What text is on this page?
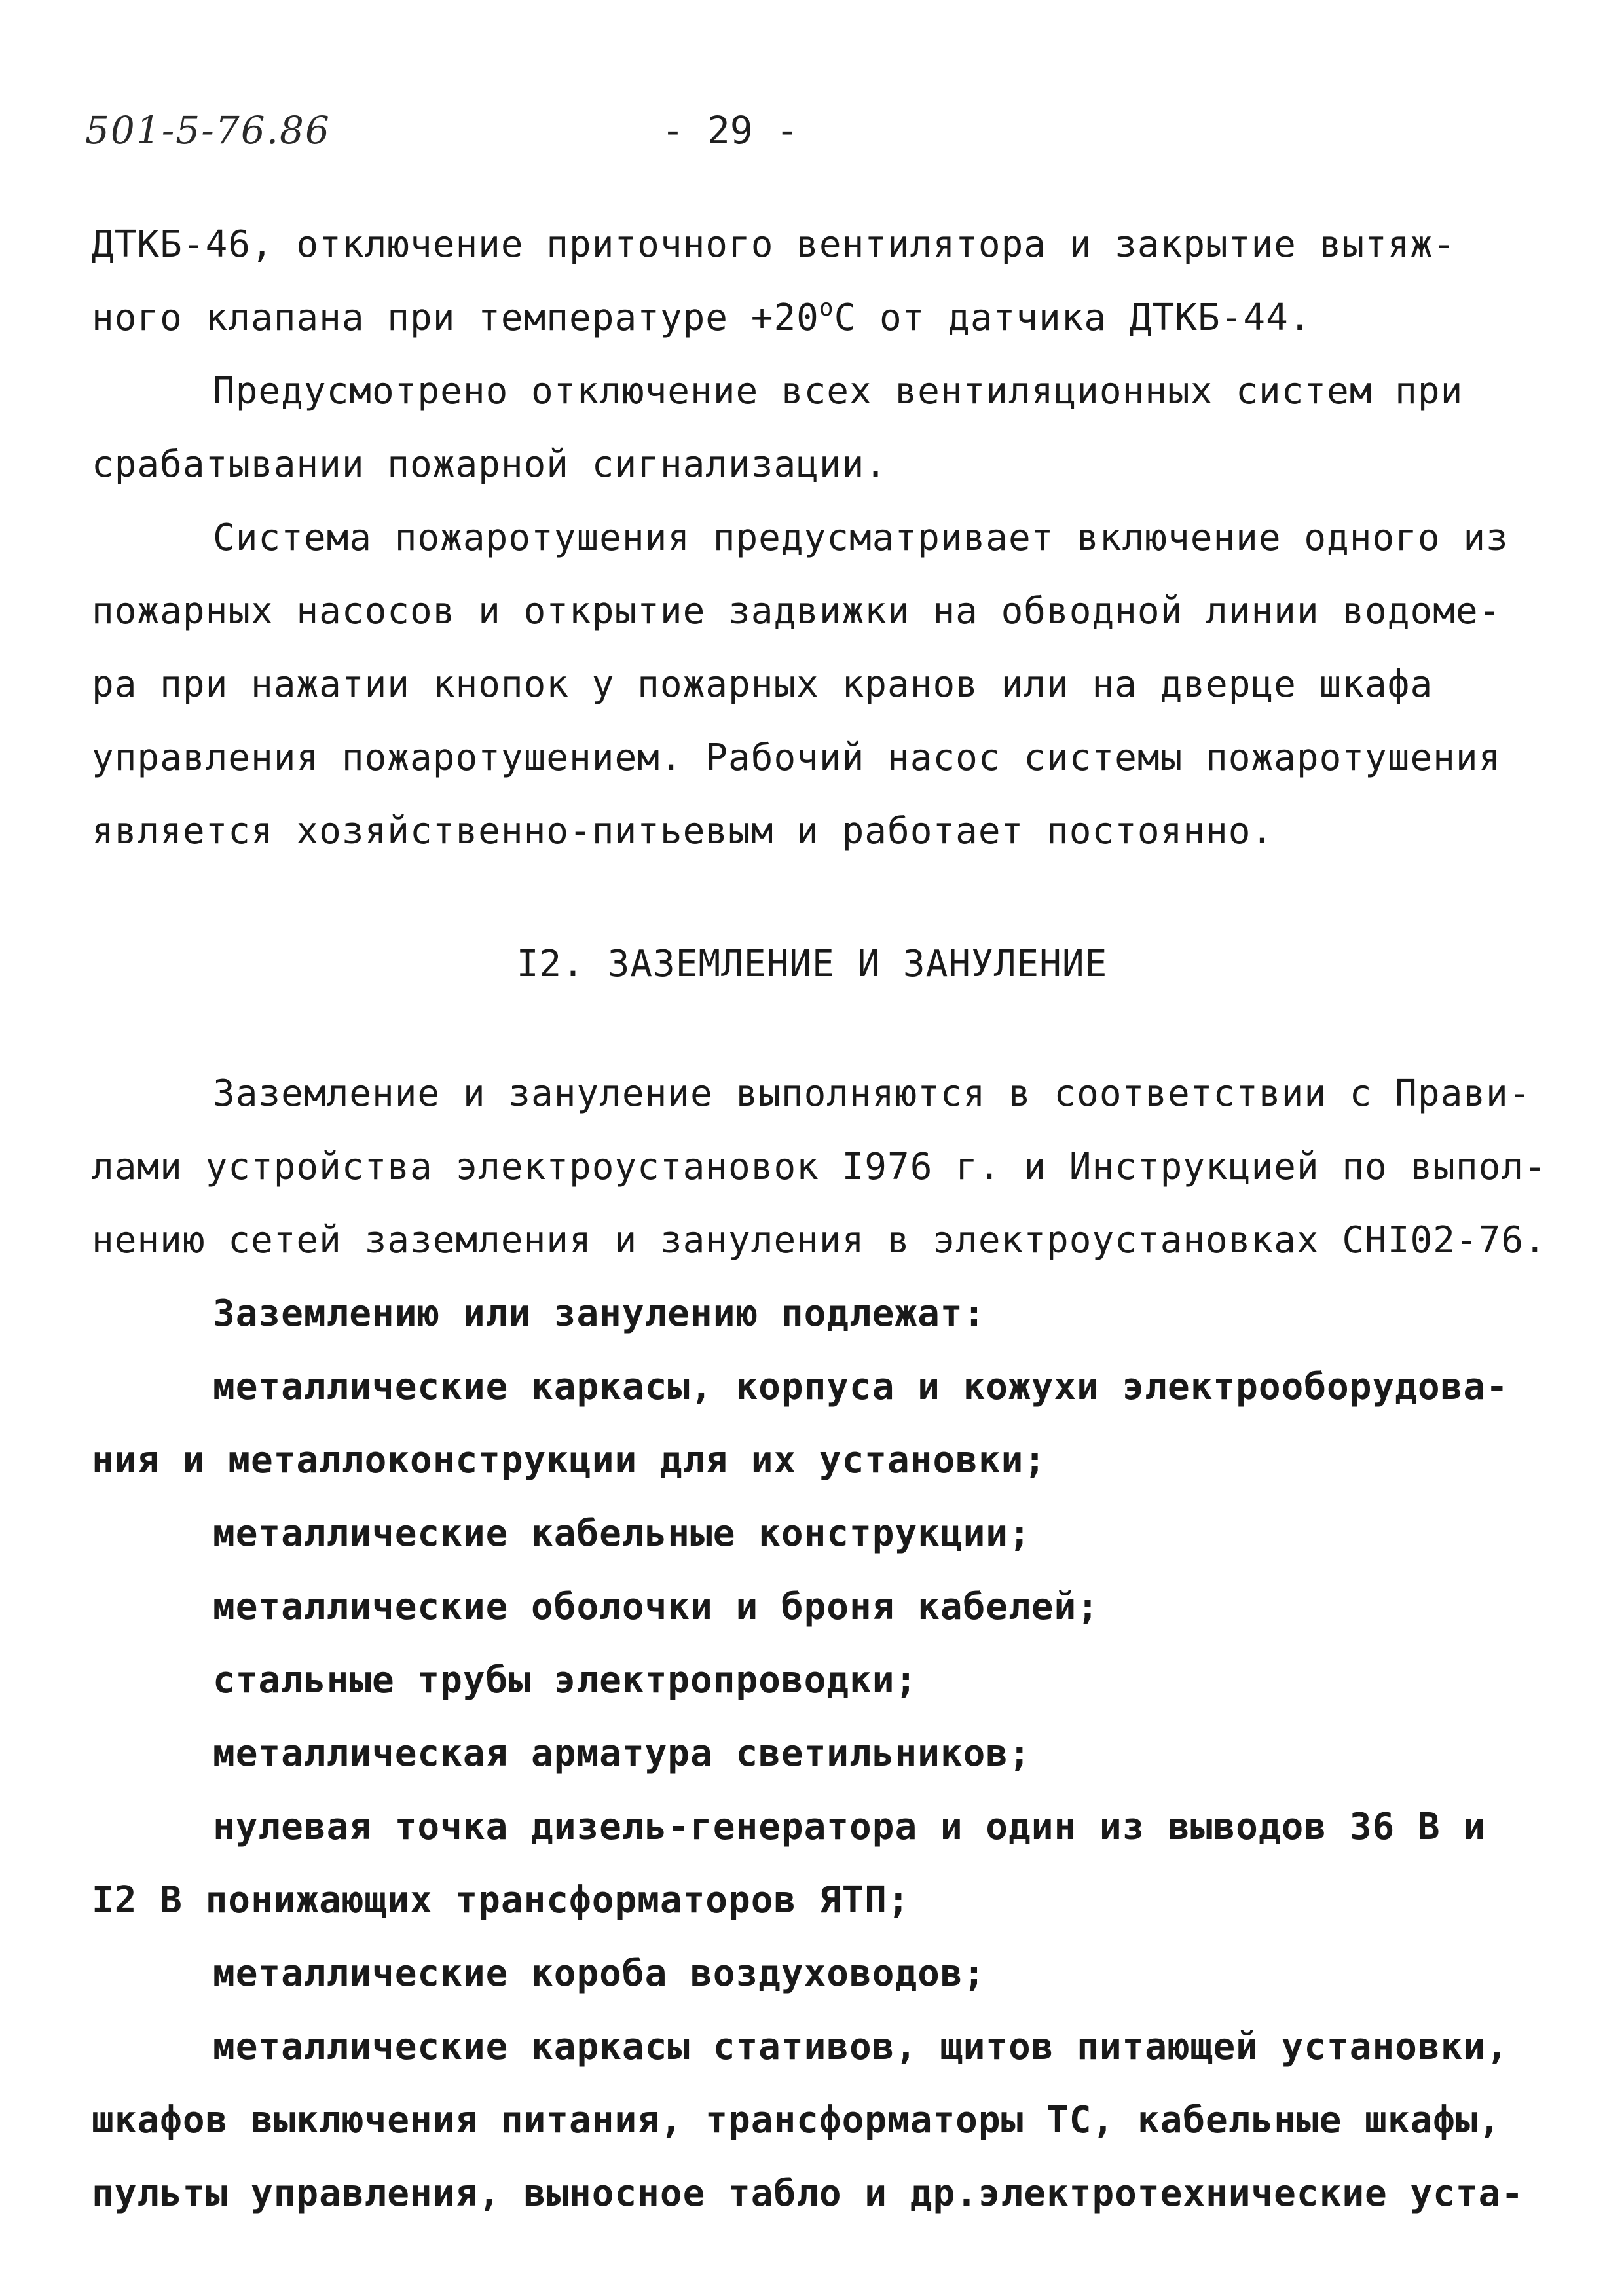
501-5-76.86	- 29 -
ДТКБ-46, отключение приточного вентилятора и закрытие вытяж-
ного клапана при температуре $+20^оС$ от датчика ДТКБ-44.
Предусмотрено отключение всех вентиляционных систем при
срабатывании пожарной сигнализации.
Система пожаротушения предусматривает включение одного из
пожарных насосов и открытие задвижки на обводной линии водоме-
ра при нажатии кнопок у пожарных кранов или на дверце шкафа
управления пожаротушением. Рабочий насос системы пожаротушения
является хозяйственно-питьевым и работает постоянно.
I2. ЗАЗЕМЛЕНИЕ И ЗАНУЛЕНИЕ
Заземление и зануление выполняются в соответствии с Прави-
лами устройства электроустановок I976 г. и Инструкцией по выпол-
нению сетей заземления и зануления в электроустановках СНI02-76.
Заземлению или занулению подлежат:
металлические каркасы, корпуса и кожухи электрооборудова-
ния и металлоконструкции для их установки;
металлические кабельные конструкции;
металлические оболочки и броня кабелей;
стальные трубы электропроводки;
металлическая арматура светильников;
нулевая точка дизель-генератора и один из выводов 36 В и
I2 В понижающих трансформаторов ЯТП;
металлические короба воздуховодов;
металлические каркасы стативов, щитов питающей установки,
шкафов выключения питания, трансформаторы ТС, кабельные шкафы,
пульты управления, выносное табло и др.электротехнические уста-
